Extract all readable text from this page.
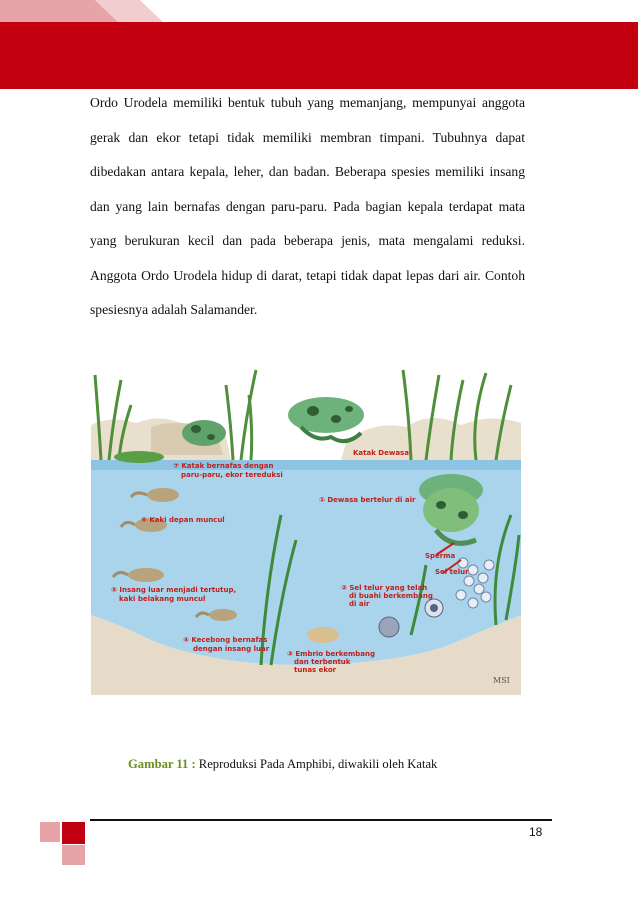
Ordo Urodela memiliki bentuk tubuh yang memanjang, mempunyai anggota gerak dan ekor tetapi tidak memiliki membran timpani. Tubuhnya dapat dibedakan antara kepala, leher, dan badan. Beberapa spesies memiliki insang dan yang lain bernafas dengan paru-paru. Pada bagian kepala terdapat mata yang berukuran kecil dan pada beberapa jenis, mata mengalami reduksi. Anggota Ordo Urodela hidup di darat, tetapi tidak dapat lepas dari air. Contoh spesiesnya adalah Salamander.

⑦ Katak bernafas dengan
paru-paru, ekor tereduksi
⑥ Kaki depan muncul
⑤ Insang luar menjadi tertutup,
kaki belakang muncul
④ Kecebong bernafas
dengan insang luar
③ Embrio berkembang
dan terbentuk
tunas ekor
② Sel telur yang telah
di buahi berkembang
di air
① Dewasa bertelur di air
Katak Dewasa
Sperma
Sel telur
MSI
Gambar 11 : Reproduksi Pada Amphibi, diwakili oleh Katak
18
